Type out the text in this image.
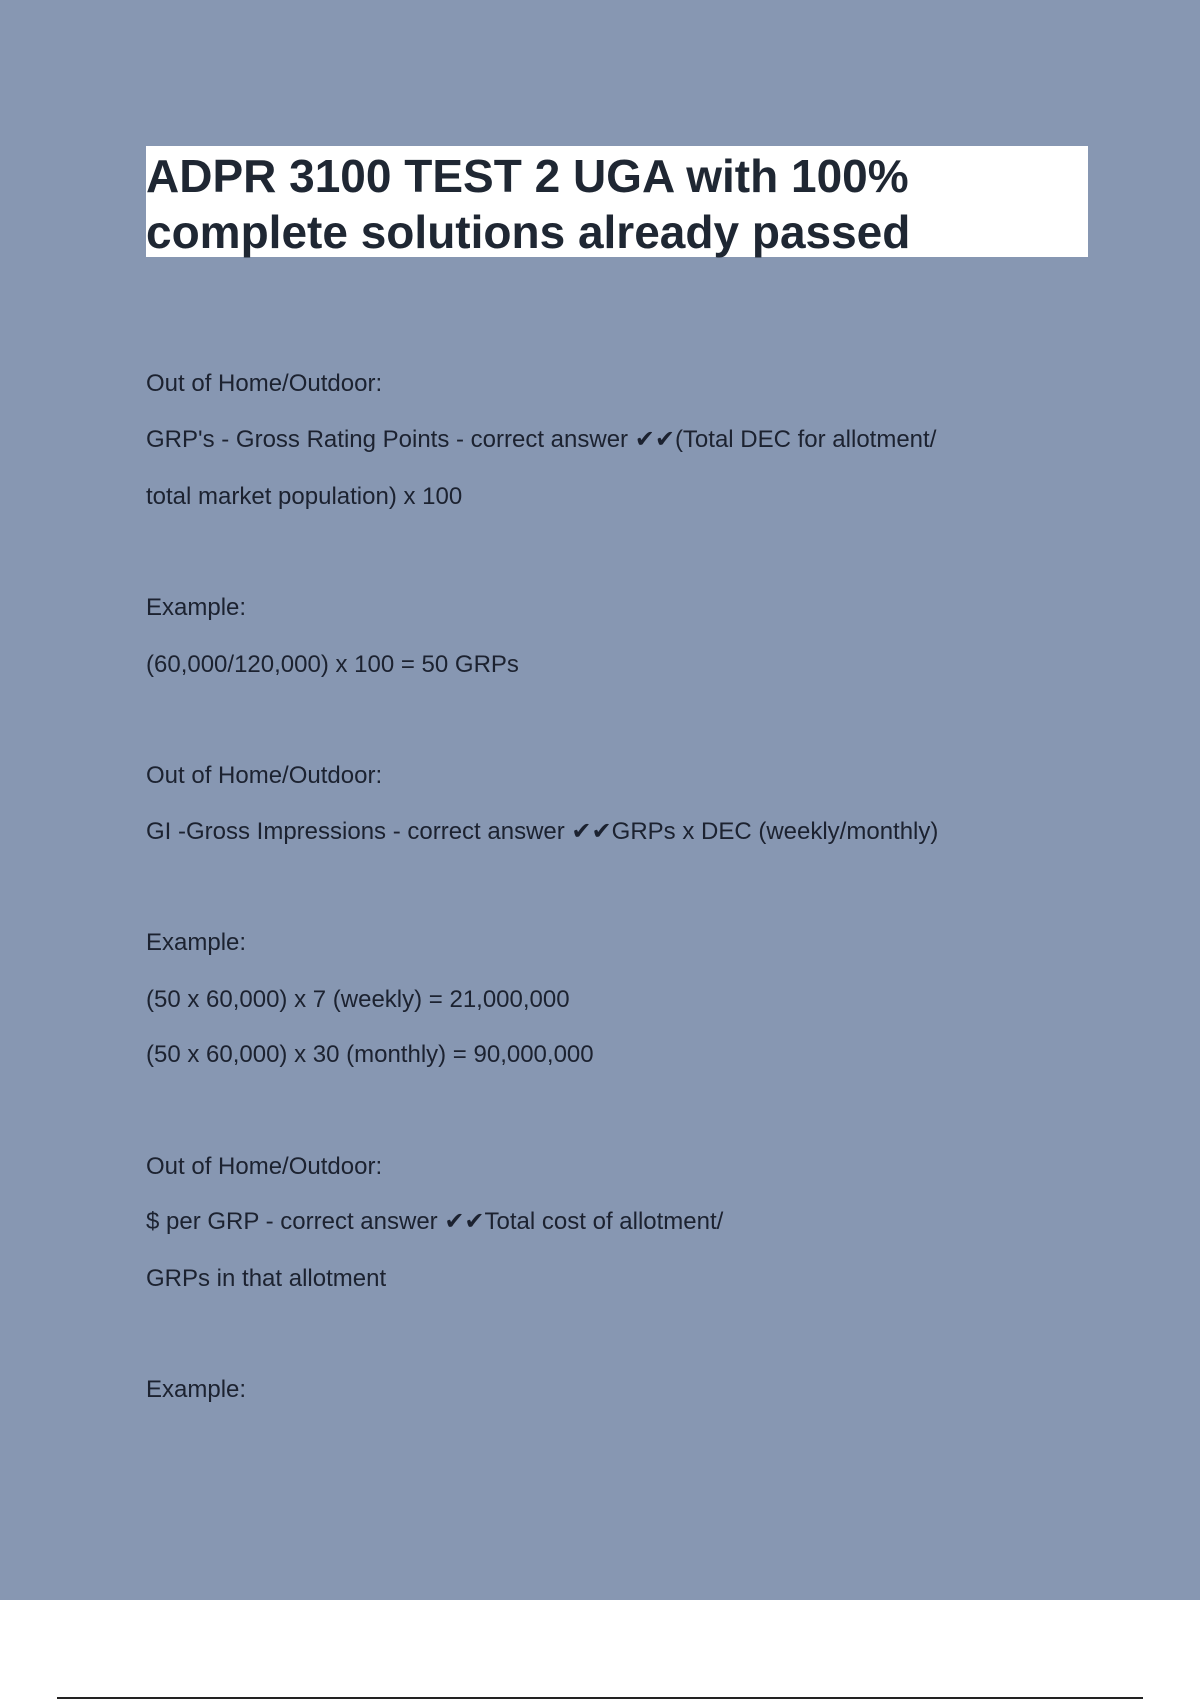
ADPR 3100 TEST 2 UGA with 100%

complete solutions already passed

Out of Home/Outdoor:
GRP's - Gross Rating Points - correct answer ✔✔(Total DEC for allotment/
total market population) x 100
Example:
(60,000/120,000) x 100 = 50 GRPs
Out of Home/Outdoor:
GI -Gross Impressions - correct answer ✔✔GRPs x DEC (weekly/monthly)
Example:
(50 x 60,000) x 7 (weekly) = 21,000,000
(50 x 60,000) x 30 (monthly) = 90,000,000
Out of Home/Outdoor:
$ per GRP - correct answer ✔✔Total cost of allotment/
GRPs in that allotment
Example:
